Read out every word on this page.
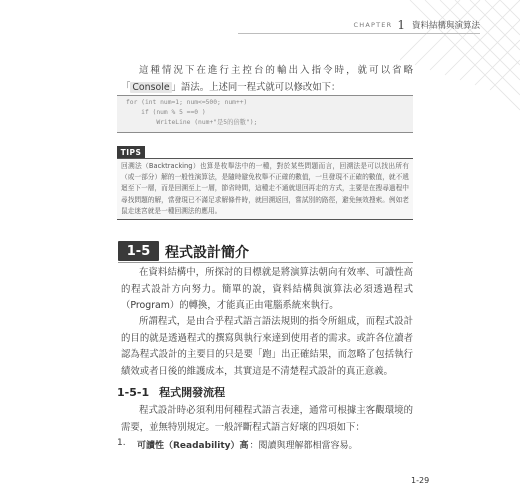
CHAPTER 1 資料結構與演算法

這種情況下在進行主控台的輸出入指令時，就可以省略「 Console 」語法。上述同一程式就可以修改如下：

for (int num=1; num<=500; num++)
if (num % 5 ==0 )
WriteLine (num+"是5的倍數");
TIPS

回溯法（Backtracking）也算是枚舉法中的一種，對於某些問題而言，回溯法是可以找出所有（或一部分）解的一般性演算法，是隨時避免枚舉不正確的數值，一旦發現不正確的數值，就不遞迴至下一層，而是回溯至上一層，節省時間，這種走不通就退回再走的方式，主要是在搜尋過程中尋找問題的解，當發現已不滿足求解條件時，就回溯返回，嘗試別的路徑，避免無效搜索。例如老鼠走迷宮就是一種回溯法的應用。

1-5	程式設計簡介

在資料結構中，所探討的目標就是將演算法朝向有效率、可讀性高的程式設計方向努力。簡單的說，資料結構與演算法必須透過程式（Program）的轉換，才能真正由電腦系統來執行。

所謂程式，是由合乎程式語言語法規則的指令所組成，而程式設計的目的就是透過程式的撰寫與執行來達到使用者的需求。或許各位讀者認為程式設計的主要目的只是要「跑」出正確結果，而忽略了包括執行績效或者日後的維護成本，其實這是不清楚程式設計的真正意義。

1-5-1 程式開發流程

程式設計時必須利用何種程式語言表達，通常可根據主客觀環境的需要，並無特別規定。一般評斷程式語言好壞的四項如下：

1.	可讀性（Readability）高 ：閱讀與理解都相當容易。
1-29
